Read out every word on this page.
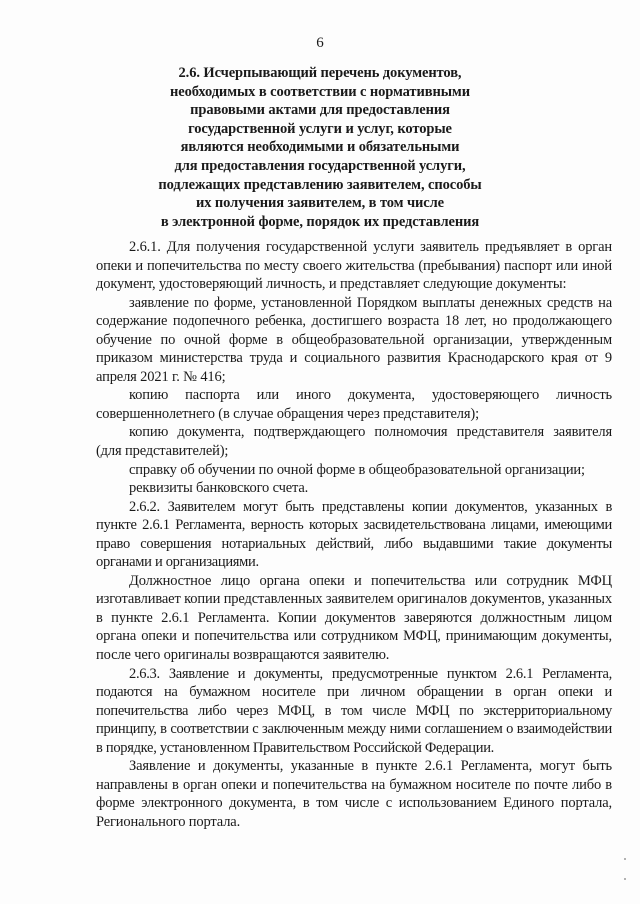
6
2.6. Исчерпывающий перечень документов,
необходимых в соответствии с нормативными
правовыми актами для предоставления
государственной услуги и услуг, которые
являются необходимыми и обязательными
для предоставления государственной услуги,
подлежащих представлению заявителем, способы
их получения заявителем, в том числе
в электронной форме, порядок их представления

2.6.1. Для получения государственной услуги заявитель предъявляет в орган опеки и попечительства по месту своего жительства (пребывания) паспорт или иной документ, удостоверяющий личность, и представляет следующие документы:

заявление по форме, установленной Порядком выплаты денежных средств на содержание подопечного ребенка, достигшего возраста 18 лет, но продолжающего обучение по очной форме в общеобразовательной организации, утвержденным приказом министерства труда и социального развития Краснодарского края от 9 апреля 2021 г. № 416;

копию паспорта или иного документа, удостоверяющего личность совершеннолетнего (в случае обращения через представителя);

копию документа, подтверждающего полномочия представителя заявителя (для представителей);

справку об обучении по очной форме в общеобразовательной организации;

реквизиты банковского счета.

2.6.2. Заявителем могут быть представлены копии документов, указанных в пункте 2.6.1 Регламента, верность которых засвидетельствована лицами, имеющими право совершения нотариальных действий, либо выдавшими такие документы органами и организациями.

Должностное лицо органа опеки и попечительства или сотрудник МФЦ изготавливает копии представленных заявителем оригиналов документов, указанных в пункте 2.6.1 Регламента. Копии документов заверяются должностным лицом органа опеки и попечительства или сотрудником МФЦ, принимающим документы, после чего оригиналы возвращаются заявителю.

2.6.3. Заявление и документы, предусмотренные пунктом 2.6.1 Регламента, подаются на бумажном носителе при личном обращении в орган опеки и попечительства либо через МФЦ, в том числе МФЦ по экстерриториальному принципу, в соответствии с заключенным между ними соглашением о взаимодействии в порядке, установленном Правительством Российской Федерации.

Заявление и документы, указанные в пункте 2.6.1 Регламента, могут быть направлены в орган опеки и попечительства на бумажном носителе по почте либо в форме электронного документа, в том числе с использованием Единого портала, Регионального портала.
